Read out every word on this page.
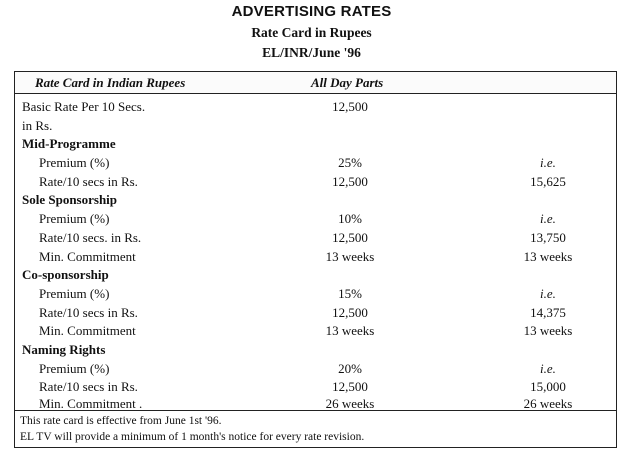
ADVERTISING RATES
Rate Card in Rupees
EL/INR/June '96
Rate Card in Indian Rupees	All Day Parts
Basic Rate Per 10 Secs.	12,500
in Rs.
Mid-Programme
Premium (%)	25%	i.e.
Rate/10 secs in Rs.	12,500	15,625
Sole Sponsorship
Premium (%)	10%	i.e.
Rate/10 secs. in Rs.	12,500	13,750
Min. Commitment	13 weeks	13 weeks
Co-sponsorship
Premium (%)	15%	i.e.
Rate/10 secs in Rs.	12,500	14,375
Min. Commitment	13 weeks	13 weeks
Naming Rights
Premium (%)	20%	i.e.
Rate/10 secs in Rs.	12,500	15,000
Min. Commitment .	26 weeks	26 weeks
This rate card is effective from June 1st '96.
EL TV will provide a minimum of 1 month's notice for every rate revision.
